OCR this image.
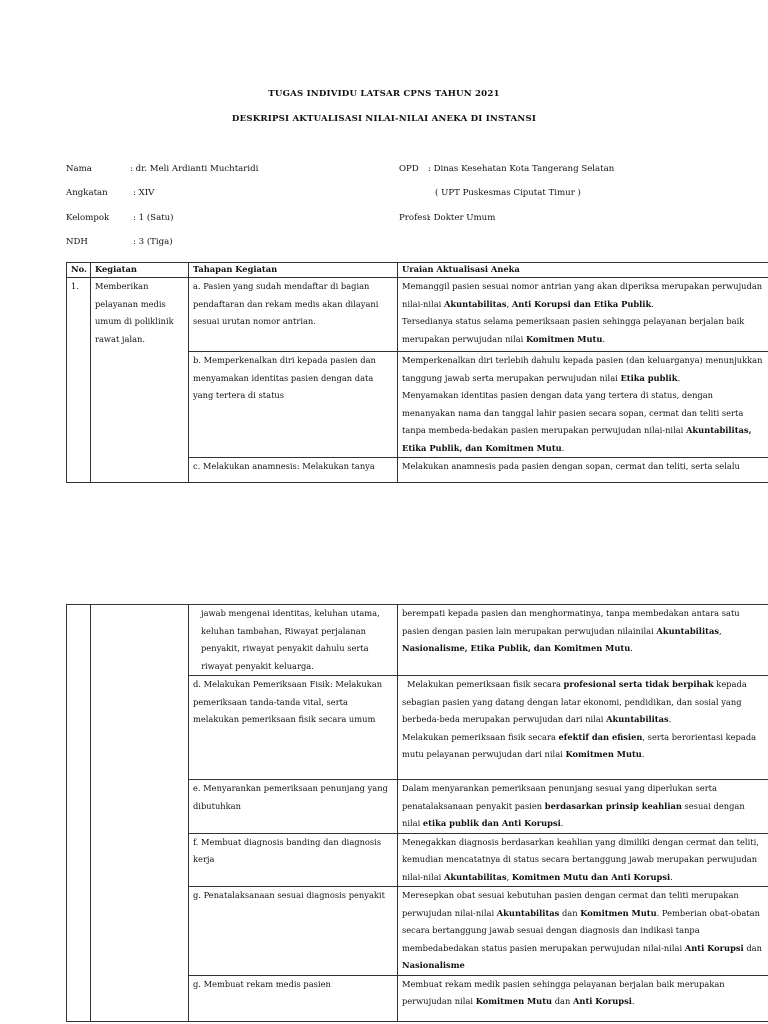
TUGAS INDIVIDU LATSAR CPNS TAHUN 2021
DESKRIPSI AKTUALISASI NILAI-NILAI ANEKA DI INSTANSI
Nama	: dr. Meli Ardianti Muchtaridi
Angkatan	: XIV
Kelompok	: 1 (Satu)
NDH	: 3 (Tiga)
OPD : Dinas Kesehatan Kota Tangerang Selatan
( UPT Puskesmas Ciputat Timur )
Profesi
: Dokter Umum
No.	Kegiatan	Tahapan Kegiatan	Uraian Aktualisasi Aneka
1.	Memberikan pelayanan medis umum di poliklinik rawat jalan.	a. Pasien yang sudah mendaftar di bagian pendaftaran dan rekam medis akan dilayani sesuai urutan nomor antrian.	Memanggil pasien sesuai nomor antrian yang akan diperiksa merupakan perwujudan nilai-nilai Akuntabilitas, Anti Korupsi dan Etika Publik.
Tersedianya status selama pemeriksaan pasien sehingga pelayanan berjalan baik merupakan perwujudan nilai Komitmen Mutu.

		b. Memperkenalkan diri kepada pasien dan menyamakan identitas pasien dengan data yang tertera di status	Memperkenalkan diri terlebih dahulu kepada pasien (dan keluarganya) menunjukkan tanggung jawab serta merupakan perwujudan nilai Etika publik.
Menyamakan identitas pasien dengan data yang tertera di status, dengan menanyakan nama dan tanggal lahir pasien secara sopan, cermat dan teliti serta tanpa membeda-bedakan pasien merupakan perwujudan nilai-nilai Akuntabilitas, Etika Publik, dan Komitmen Mutu.

		c. Melakukan anamnesis: Melakukan tanya	Melakukan anamnesis pada pasien dengan sopan, cermat dan teliti, serta selalu

		jawab mengenai identitas, keluhan utama, keluhan tambahan, Riwayat perjalanan penyakit, riwayat penyakit dahulu serta riwayat penyakit keluarga.	berempati kepada pasien dan menghormatinya, tanpa membedakan antara satu pasien dengan pasien lain merupakan perwujudan nilainilai Akuntabilitas, Nasionalisme, Etika Publik, dan Komitmen Mutu.
		d. Melakukan Pemeriksaan Fisik: Melakukan pemeriksaan tanda-tanda vital, serta melakukan pemeriksaan fisik secara umum	Melakukan pemeriksaan fisik secara profesional serta tidak berpihak kepada sebagian pasien yang datang dengan latar ekonomi, pendidikan, dan sosial yang berbeda-beda merupakan perwujudan dari nilai Akuntabilitas.
Melakukan pemeriksaan fisik secara efektif dan efisien, serta berorientasi kepada mutu pelayanan perwujudan dari nilai Komitmen Mutu.

		e. Menyarankan pemeriksaan penunjang yang dibutuhkan	Dalam menyarankan pemeriksaan penunjang sesuai yang diperlukan serta penatalaksanaan penyakit pasien berdasarkan prinsip keahlian sesuai dengan nilai etika publik dan Anti Korupsi.
		f. Membuat diagnosis banding dan diagnosis kerja	Menegakkan diagnosis berdasarkan keahlian yang dimiliki dengan cermat dan teliti, kemudian mencatatnya di status secara bertanggung jawab merupakan perwujudan nilai-nilai Akuntabilitas, Komitmen Mutu dan Anti Korupsi.
		g. Penatalaksanaan sesuai diagnosis penyakit	Meresepkan obat sesuai kebutuhan pasien dengan cermat dan teliti merupakan perwujudan nilai-nilai Akuntabilitas dan Komitmen Mutu. Pemberian obat-obatan secara bertanggung jawab sesuai dengan diagnosis dan indikasi tanpa membedabedakan status pasien merupakan perwujudan nilai-nilai Anti Korupsi dan Nasionalisme
		g. Membuat rekam medis pasien	Membuat rekam medik pasien sehingga pelayanan berjalan baik merupakan perwujudan nilai Komitmen Mutu dan Anti Korupsi.
